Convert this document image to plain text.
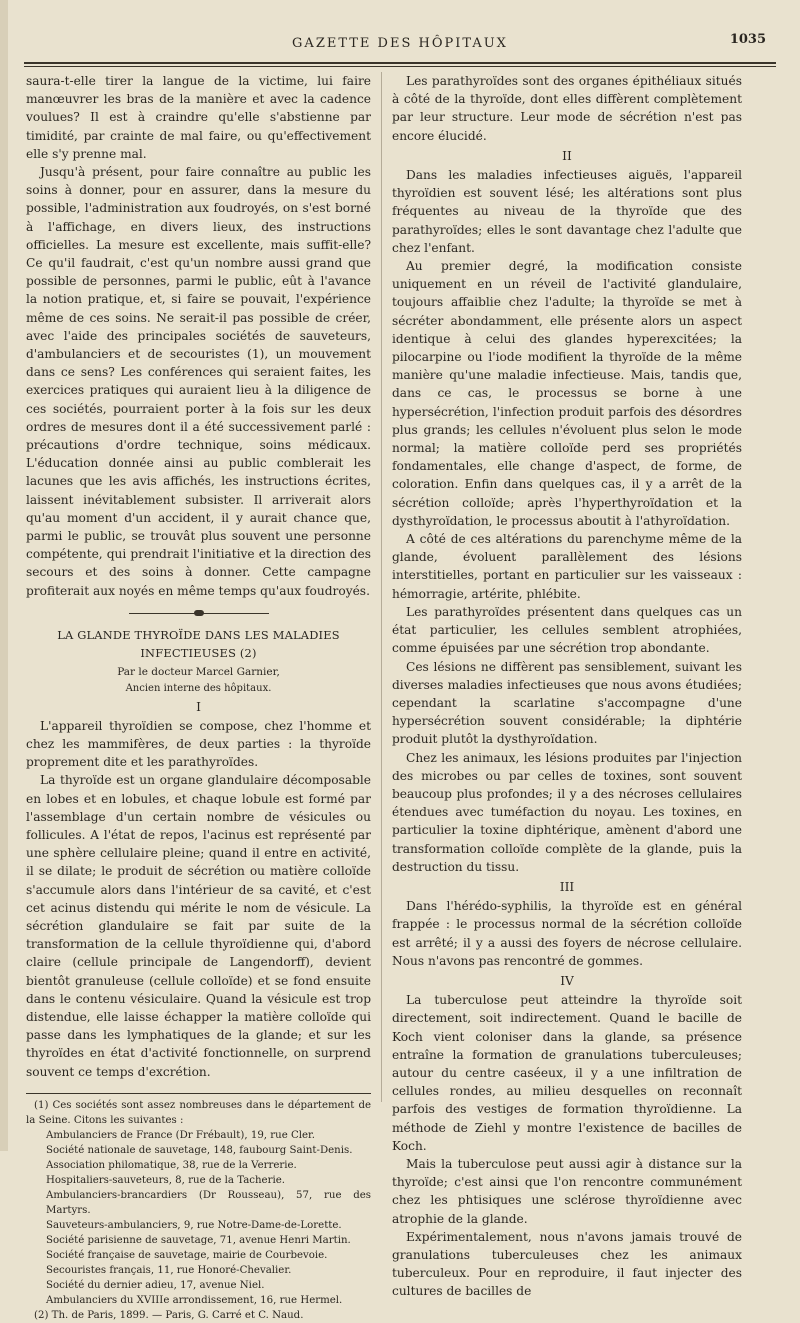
GAZETTE DES HÔPITAUX	1035

saura-t-elle tirer la langue de la victime, lui faire manœuvrer les bras de la manière et avec la cadence voulues? Il est à craindre qu'elle s'abstienne par timidité, par crainte de mal faire, ou qu'effectivement elle s'y prenne mal.

Jusqu'à présent, pour faire connaître au public les soins à donner, pour en assurer, dans la mesure du possible, l'administration aux foudroyés, on s'est borné à l'affichage, en divers lieux, des instructions officielles. La mesure est excellente, mais suffit-elle? Ce qu'il faudrait, c'est qu'un nombre aussi grand que possible de personnes, parmi le public, eût à l'avance la notion pratique, et, si faire se pouvait, l'expérience même de ces soins. Ne serait-il pas possible de créer, avec l'aide des principales sociétés de sauveteurs, d'ambulanciers et de secouristes (1), un mouvement dans ce sens? Les conférences qui seraient faites, les exercices pratiques qui auraient lieu à la diligence de ces sociétés, pourraient porter à la fois sur les deux ordres de mesures dont il a été successivement parlé : précautions d'ordre technique, soins médicaux. L'éducation donnée ainsi au public comblerait les lacunes que les avis affichés, les instructions écrites, laissent inévitablement subsister. Il arriverait alors qu'au moment d'un accident, il y aurait chance que, parmi le public, se trouvât plus souvent une personne compétente, qui prendrait l'initiative et la direction des secours et des soins à donner. Cette campagne profiterait aux noyés en même temps qu'aux foudroyés.

LA GLANDE THYROÏDE DANS LES MALADIES INFECTIEUSES (2)
Par le docteur Marcel Garnier,
Ancien interne des hôpitaux.
I

L'appareil thyroïdien se compose, chez l'homme et chez les mammifères, de deux parties : la thyroïde proprement dite et les parathyroïdes.

La thyroïde est un organe glandulaire décomposable en lobes et en lobules, et chaque lobule est formé par l'assemblage d'un certain nombre de vésicules ou follicules. A l'état de repos, l'acinus est représenté par une sphère cellulaire pleine; quand il entre en activité, il se dilate; le produit de sécrétion ou matière colloïde s'accumule alors dans l'intérieur de sa cavité, et c'est cet acinus distendu qui mérite le nom de vésicule. La sécrétion glandulaire se fait par suite de la transformation de la cellule thyroïdienne qui, d'abord claire (cellule principale de Langendorff), devient bientôt granuleuse (cellule colloïde) et se fond ensuite dans le contenu vésiculaire. Quand la vésicule est trop distendue, elle laisse échapper la matière colloïde qui passe dans les lymphatiques de la glande; et sur les thyroïdes en état d'activité fonctionnelle, on surprend souvent ce temps d'excrétion.

(1) Ces sociétés sont assez nombreuses dans le département de la Seine. Citons les suivantes :
Ambulanciers de France (Dr Frébault), 19, rue Cler.
Société nationale de sauvetage, 148, faubourg Saint-Denis.
Association philomatique, 38, rue de la Verrerie.
Hospitaliers-sauveteurs, 8, rue de la Tacherie.
Ambulanciers-brancardiers (Dr Rousseau), 57, rue des Martyrs.
Sauveteurs-ambulanciers, 9, rue Notre-Dame-de-Lorette.
Société parisienne de sauvetage, 71, avenue Henri Martin.
Société française de sauvetage, mairie de Courbevoie.
Secouristes français, 11, rue Honoré-Chevalier.
Société du dernier adieu, 17, avenue Niel.
Ambulanciers du XVIIIe arrondissement, 16, rue Hermel.
(2) Th. de Paris, 1899. — Paris, G. Carré et C. Naud.

Les parathyroïdes sont des organes épithéliaux situés à côté de la thyroïde, dont elles diffèrent complètement par leur structure. Leur mode de sécrétion n'est pas encore élucidé.

II

Dans les maladies infectieuses aiguës, l'appareil thyroïdien est souvent lésé; les altérations sont plus fréquentes au niveau de la thyroïde que des parathyroïdes; elles le sont davantage chez l'adulte que chez l'enfant.

Au premier degré, la modification consiste uniquement en un réveil de l'activité glandulaire, toujours affaiblie chez l'adulte; la thyroïde se met à sécréter abondamment, elle présente alors un aspect identique à celui des glandes hyperexcitées; la pilocarpine ou l'iode modifient la thyroïde de la même manière qu'une maladie infectieuse. Mais, tandis que, dans ce cas, le processus se borne à une hypersécrétion, l'infection produit parfois des désordres plus grands; les cellules n'évoluent plus selon le mode normal; la matière colloïde perd ses propriétés fondamentales, elle change d'aspect, de forme, de coloration. Enfin dans quelques cas, il y a arrêt de la sécrétion colloïde; après l'hyperthyroïdation et la dysthyroïdation, le processus aboutit à l'athyroïdation.

A côté de ces altérations du parenchyme même de la glande, évoluent parallèlement des lésions interstitielles, portant en particulier sur les vaisseaux : hémorragie, artérite, phlébite.

Les parathyroïdes présentent dans quelques cas un état particulier, les cellules semblent atrophiées, comme épuisées par une sécrétion trop abondante.

Ces lésions ne diffèrent pas sensiblement, suivant les diverses maladies infectieuses que nous avons étudiées; cependant la scarlatine s'accompagne d'une hypersécrétion souvent considérable; la diphtérie produit plutôt la dysthyroïdation.

Chez les animaux, les lésions produites par l'injection des microbes ou par celles de toxines, sont souvent beaucoup plus profondes; il y a des nécroses cellulaires étendues avec tuméfaction du noyau. Les toxines, en particulier la toxine diphtérique, amènent d'abord une transformation colloïde complète de la glande, puis la destruction du tissu.

III

Dans l'hérédo-syphilis, la thyroïde est en général frappée : le processus normal de la sécrétion colloïde est arrêté; il y a aussi des foyers de nécrose cellulaire. Nous n'avons pas rencontré de gommes.

IV

La tuberculose peut atteindre la thyroïde soit directement, soit indirectement. Quand le bacille de Koch vient coloniser dans la glande, sa présence entraîne la formation de granulations tuberculeuses; autour du centre caséeux, il y a une infiltration de cellules rondes, au milieu desquelles on reconnaît parfois des vestiges de formation thyroïdienne. La méthode de Ziehl y montre l'existence de bacilles de Koch.

Mais la tuberculose peut aussi agir à distance sur la thyroïde; c'est ainsi que l'on rencontre communément chez les phtisiques une sclérose thyroïdienne avec atrophie de la glande.

Expérimentalement, nous n'avons jamais trouvé de granulations tuberculeuses chez les animaux tuberculeux. Pour en reproduire, il faut injecter des cultures de bacilles de
